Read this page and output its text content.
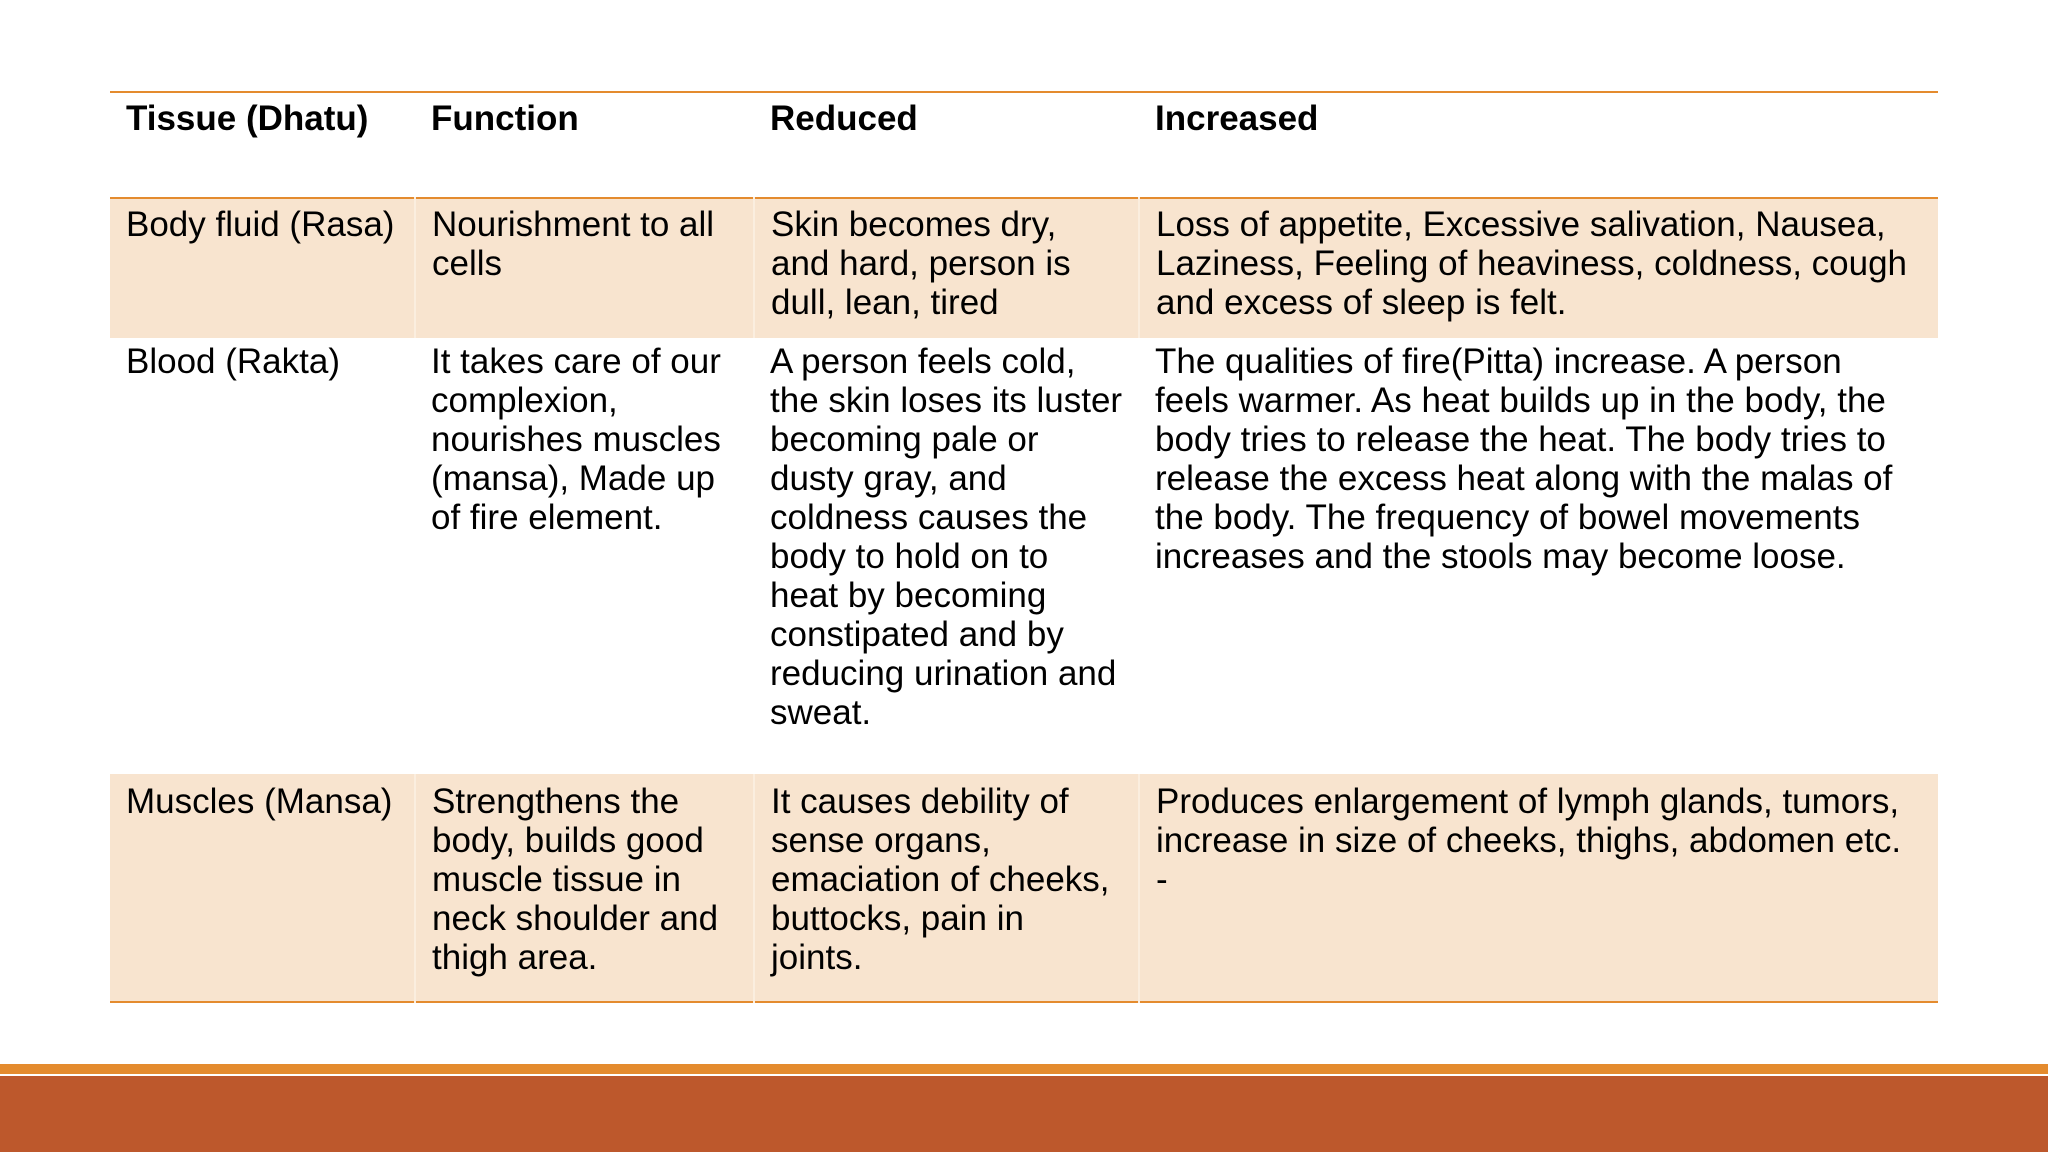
Tissue (Dhatu)	Function	Reduced	Increased
Body fluid (Rasa)	Nourishment to all cells	Skin becomes dry, and hard, person is dull, lean, tired	Loss of appetite, Excessive salivation, Nausea, Laziness, Feeling of heaviness, coldness, cough and excess of sleep is felt.
Blood (Rakta)	It takes care of our complexion, nourishes muscles (mansa), Made up of fire element.	A person feels cold, the skin loses its luster becoming pale or dusty gray, and coldness causes the body to hold on to heat by becoming constipated and by reducing urination and sweat.	The qualities of fire(Pitta) increase. A person feels warmer. As heat builds up in the body, the body tries to release the heat. The body tries to release the excess heat along with the malas of the body. The frequency of bowel movements increases and the stools may become loose.
Muscles (Mansa)	Strengthens the body, builds good muscle tissue in neck shoulder and thigh area.	It causes debility of sense organs, emaciation of cheeks, buttocks, pain in joints.	Produces enlargement of lymph glands, tumors, increase in size of cheeks, thighs, abdomen etc. -
